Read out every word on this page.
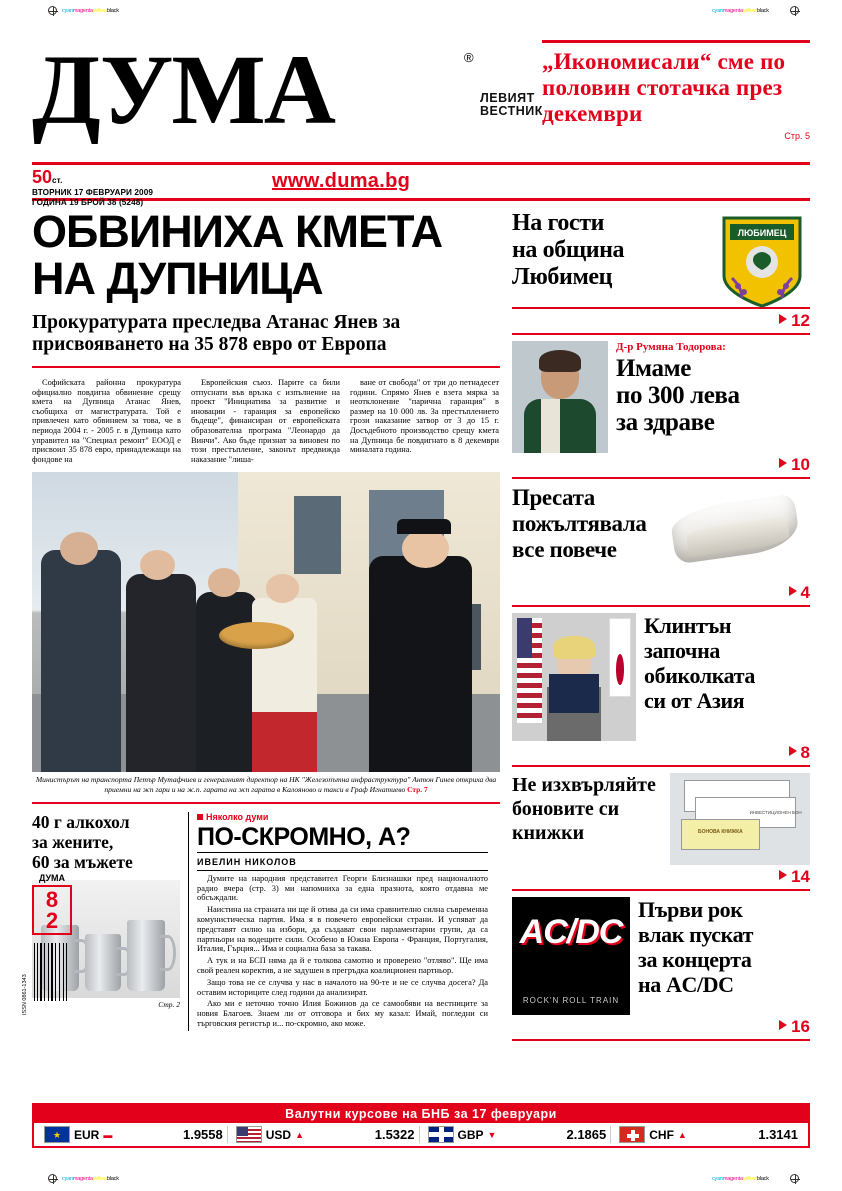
cyanmagentayellowblack	cyanmagentayellowblack
cyanmagentayellowblack	cyanmagentayellowblack
ДУМА	®
ЛЕВИЯТ
ВЕСТНИК
„Икономисали“ сме по половин стотачка през декември
Стр. 5
50ст.
ВТОРНИК 17 ФЕВРУАРИ 2009
ГОДИНА 19 БРОЙ 38 (5248)
www.duma.bg
ОБВИНИХА КМЕТА
НА ДУПНИЦА
Прокуратурата преследва Атанас Янев за присвояването на 35 878 евро от Европа
Софийската районна прокуратура официално повдигна обвинение срещу кмета на Дупница Атанас Янев, съобщиха от магистратурата. Той е привлечен като обвиняем за това, че в периода 2004 г. - 2005 г. в Дупница като управител на "Специал ремонт" ЕООД е присвоил 35 878 евро, принадлежащи на фондове на
Европейския съюз. Парите са били отпуснати във връзка с изпълнение на проект "Инициатива за развитие и иновации - гаранция за европейско бъдеще", финансиран от европейската образователна програма "Леонардо да Винчи". Ако бъде признат за виновен по този престъпление, законът предвижда наказание "лиша-
ване от свобода" от три до петнадесет години. Спрямо Янев е взета мярка за неотклонение "парична гаранция" в размер на 10 000 лв. За престъплението грози наказание затвор от 3 до 15 г. Досъдебното производство срещу кмета на Дупница бе повдигнато в 8 декември миналата година.
Министърът на транспорта Петър Мутафчиев и генералният директор на НК "Железопътна инфраструктура" Антон Гинев откриха два приемни на жп гари и на ж.п. гарата на жп гарата в Калояново и такси в Граф Игнатиево Стр. 7
40 г алкохол
за жените,
60 за мъжете
Стр. 2
Няколко думи
ПО-СКРОМНО, А?
ИВЕЛИН НИКОЛОВ

Думите на народния представител Георги Близнашки пред националното радио вчера (стр. 3) ми напомниха за една празнота, която отдавна ме обсъждали.

Наистина на страната ни ще й отива да си има сравнително силна съвременна комунистическа партия. Има я в повечето европейски страни. И успяват да представят силно на избори, да създават свои парламентарни групи, да са партньори на водещите сили. Особено в Южна Европа - Франция, Португалия, Италия, Гърция... Има и социална база за такава.

А тук и на БСП няма да й е толкова самотно и проверено "отляво". Ще има свой реален коректив, а не задушен в прегръдка коалиционен партньор.

Защо това не се случва у нас в началото на 90-те и не се случва досега? Да оставим историците след години да анализират.

Ако ми е неточно точно Илия Божинов да се самообяви на вестниците за новия Благоев. Знаем ли от отговора и бих му казал: Имай, погледни си търговския регистър и... по-скромно, ако може.

ДУМА
8
2
ISSN 0861-1343
На гости
на община
Любимец
ЛЮБИМЕЦ
12
Д-р Румяна Тодорова:
Имаме
по 300 лева
за здраве
10
Пресата
пожълтявала
все повече
4
Клинтън
започна
обиколката
си от Азия
8
Не изхвърляйте
боновите си
книжки	БОНОВА КНИЖКА
ИНВЕСТИЦИОНЕН БОН
14
AC/DC
ROCK'N ROLL TRAIN
Първи рок
влак пускат
за концерта
на AC/DC
16
Валутни курсове на БНБ за 17 февруари
★
EUR ▬	1.9558	USD ▲	1.5322	GBP ▼	2.1865	CHF ▲	1.3141
